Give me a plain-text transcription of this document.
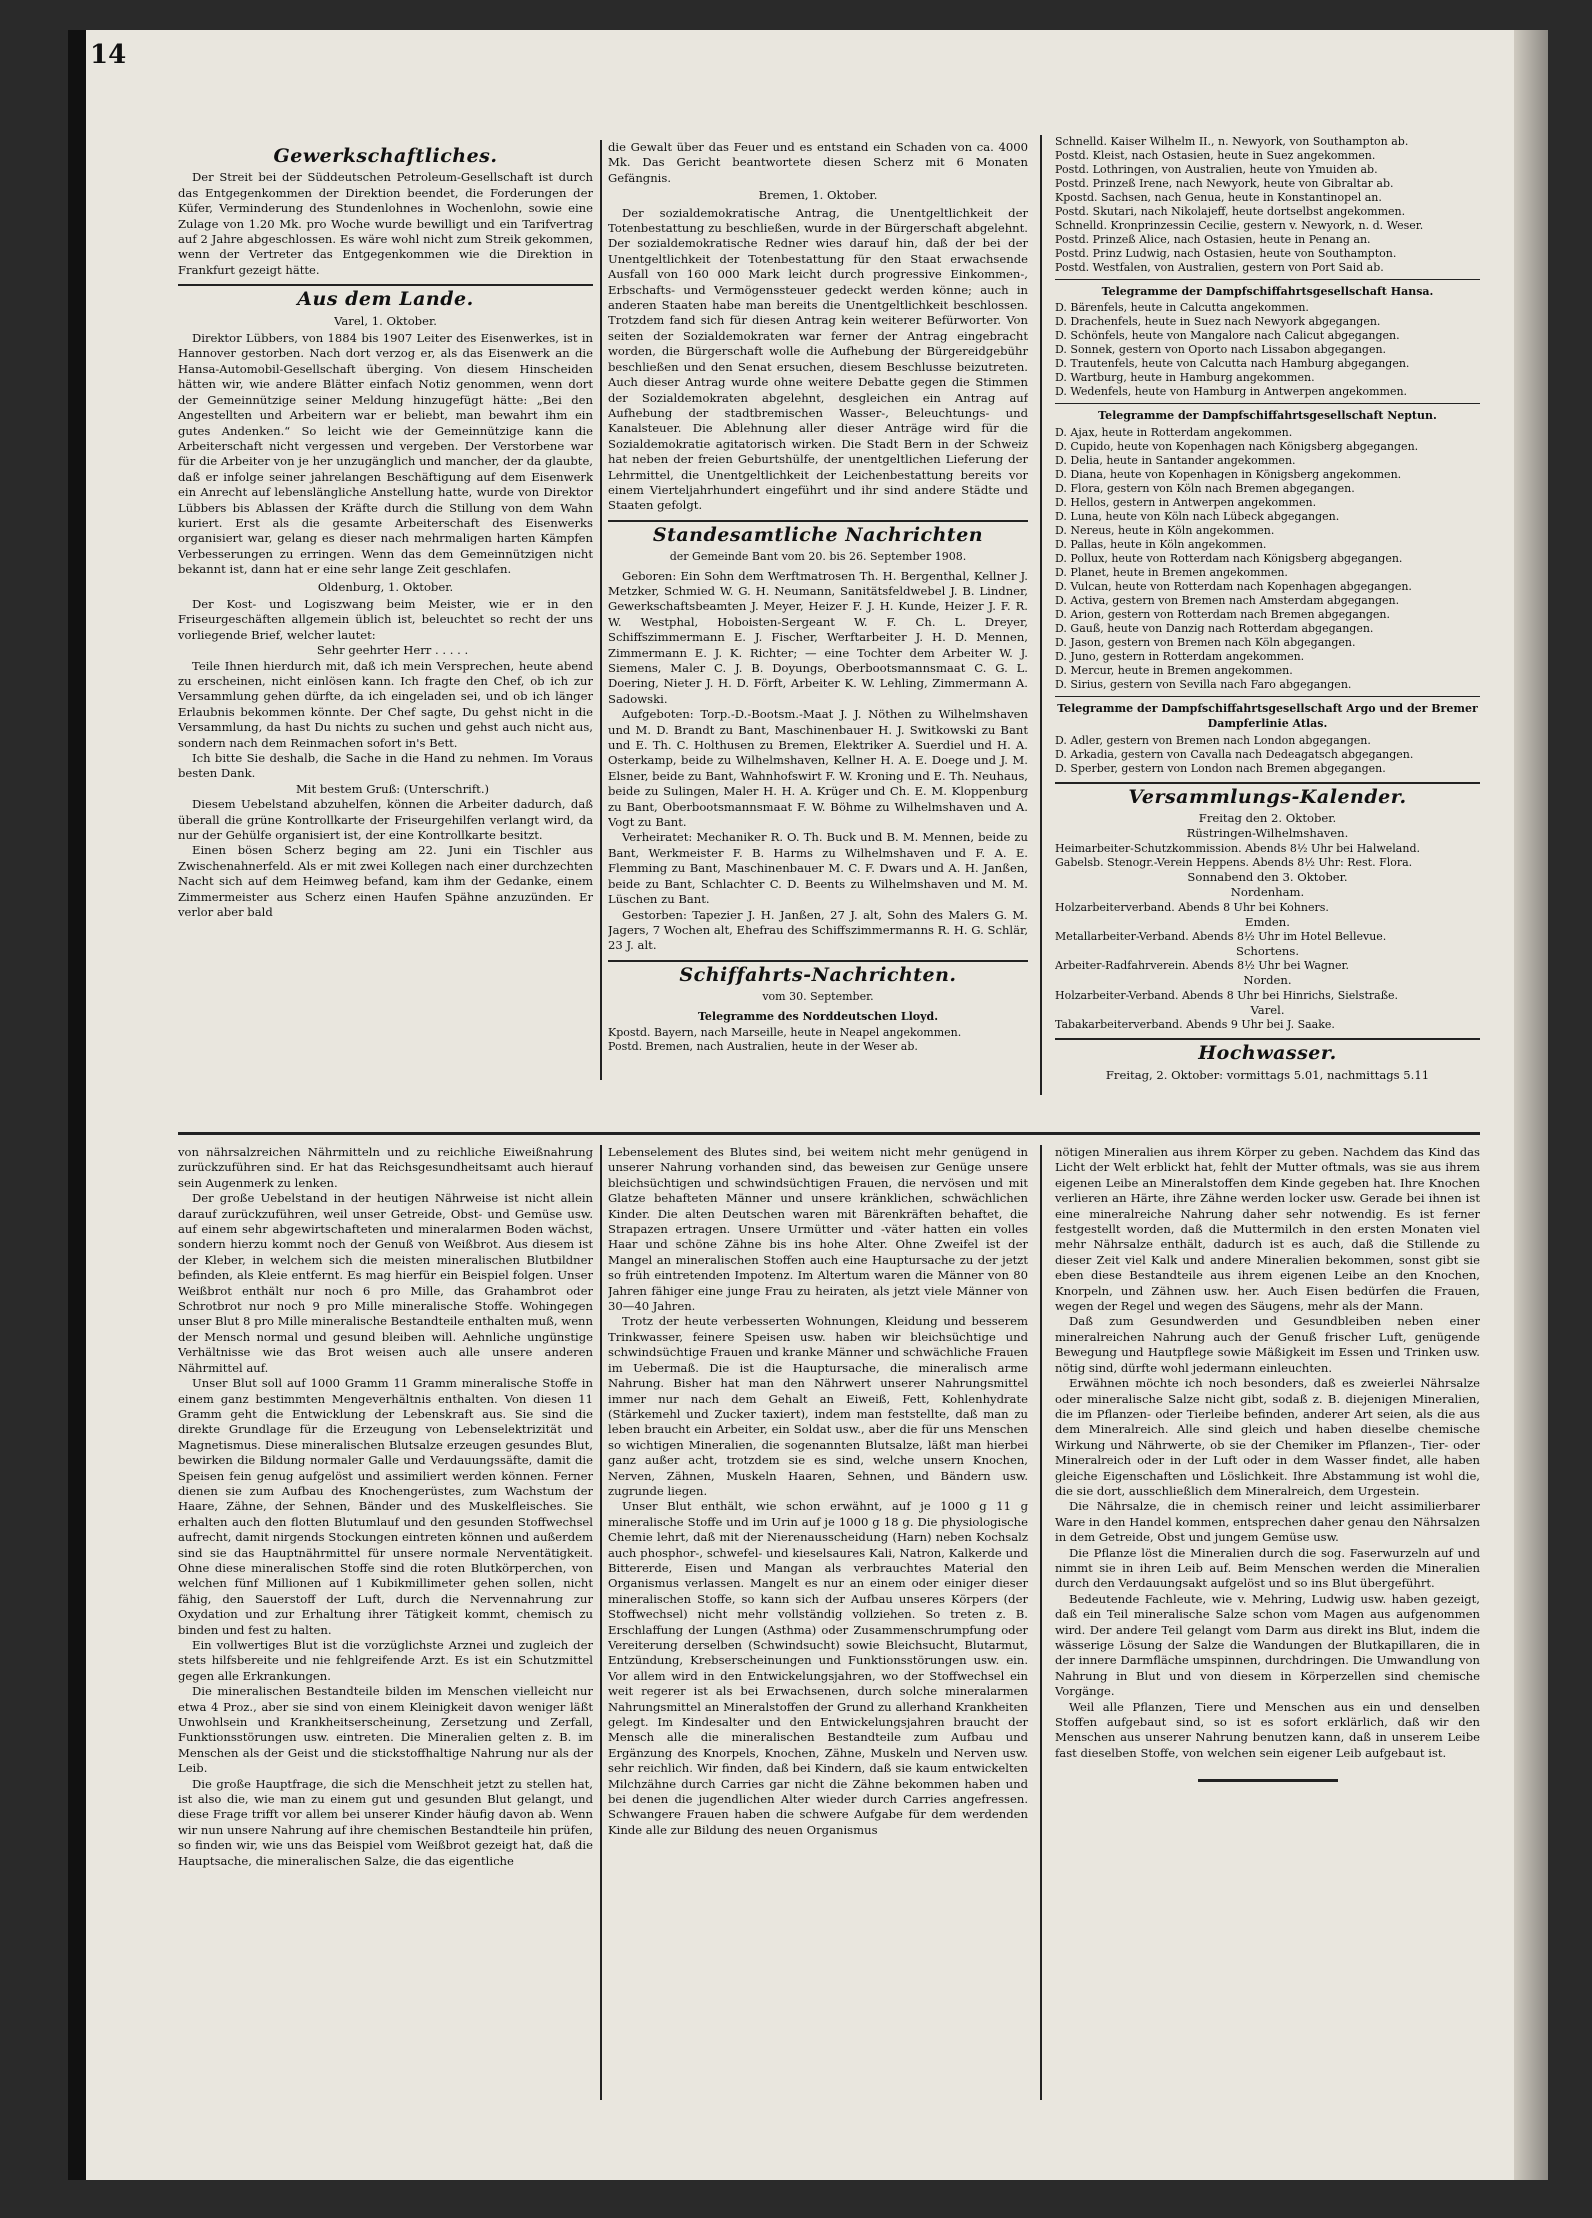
14
Gewerkschaftliches.

Der Streit bei der Süddeutschen Petroleum-Gesellschaft ist durch das Entgegenkommen der Direktion beendet, die Forderungen der Küfer, Verminderung des Stundenlohnes in Wochenlohn, sowie eine Zulage von 1.20 Mk. pro Woche wurde bewilligt und ein Tarifvertrag auf 2 Jahre abgeschlossen. Es wäre wohl nicht zum Streik gekommen, wenn der Vertreter das Entgegenkommen wie die Direktion in Frankfurt gezeigt hätte.

Aus dem Lande.
Varel, 1. Oktober.

Direktor Lübbers, von 1884 bis 1907 Leiter des Eisenwerkes, ist in Hannover gestorben. Nach dort verzog er, als das Eisenwerk an die Hansa-Automobil-Gesellschaft überging. Von diesem Hinscheiden hätten wir, wie andere Blätter einfach Notiz genommen, wenn dort der Gemeinnützige seiner Meldung hinzugefügt hätte: „Bei den Angestellten und Arbeitern war er beliebt, man bewahrt ihm ein gutes Andenken.“ So leicht wie der Gemeinnützige kann die Arbeiterschaft nicht vergessen und vergeben. Der Verstorbene war für die Arbeiter von je her unzugänglich und mancher, der da glaubte, daß er infolge seiner jahrelangen Beschäftigung auf dem Eisenwerk ein Anrecht auf lebenslängliche Anstellung hatte, wurde von Direktor Lübbers bis Ablassen der Kräfte durch die Stillung von dem Wahn kuriert. Erst als die gesamte Arbeiterschaft des Eisenwerks organisiert war, gelang es dieser nach mehrmaligen harten Kämpfen Verbesserungen zu erringen. Wenn das dem Gemeinnützigen nicht bekannt ist, dann hat er eine sehr lange Zeit geschlafen.

Oldenburg, 1. Oktober.

Der Kost- und Logiszwang beim Meister, wie er in den Friseurgeschäften allgemein üblich ist, beleuchtet so recht der uns vorliegende Brief, welcher lautet:

Sehr geehrter Herr . . . . .

Teile Ihnen hierdurch mit, daß ich mein Versprechen, heute abend zu erscheinen, nicht einlösen kann. Ich fragte den Chef, ob ich zur Versammlung gehen dürfte, da ich eingeladen sei, und ob ich länger Erlaubnis bekommen könnte. Der Chef sagte, Du gehst nicht in die Versammlung, da hast Du nichts zu suchen und gehst auch nicht aus, sondern nach dem Reinmachen sofort in's Bett.

Ich bitte Sie deshalb, die Sache in die Hand zu nehmen. Im Voraus besten Dank.

Mit bestem Gruß: (Unterschrift.)

Diesem Uebelstand abzuhelfen, können die Arbeiter dadurch, daß überall die grüne Kontrollkarte der Friseurgehilfen verlangt wird, da nur der Gehülfe organisiert ist, der eine Kontrollkarte besitzt.

Einen bösen Scherz beging am 22. Juni ein Tischler aus Zwischenahnerfeld. Als er mit zwei Kollegen nach einer durchzechten Nacht sich auf dem Heimweg befand, kam ihm der Gedanke, einem Zimmermeister aus Scherz einen Haufen Spähne anzuzünden. Er verlor aber bald

die Gewalt über das Feuer und es entstand ein Schaden von ca. 4000 Mk. Das Gericht beantwortete diesen Scherz mit 6 Monaten Gefängnis.

Bremen, 1. Oktober.

Der sozialdemokratische Antrag, die Unentgeltlichkeit der Totenbestattung zu beschließen, wurde in der Bürgerschaft abgelehnt. Der sozialdemokratische Redner wies darauf hin, daß der bei der Unentgeltlichkeit der Totenbestattung für den Staat erwachsende Ausfall von 160 000 Mark leicht durch progressive Einkommen-, Erbschafts- und Vermögenssteuer gedeckt werden könne; auch in anderen Staaten habe man bereits die Unentgeltlichkeit beschlossen. Trotzdem fand sich für diesen Antrag kein weiterer Befürworter. Von seiten der Sozialdemokraten war ferner der Antrag eingebracht worden, die Bürgerschaft wolle die Aufhebung der Bürgereidgebühr beschließen und den Senat ersuchen, diesem Beschlusse beizutreten. Auch dieser Antrag wurde ohne weitere Debatte gegen die Stimmen der Sozialdemokraten abgelehnt, desgleichen ein Antrag auf Aufhebung der stadtbremischen Wasser-, Beleuchtungs- und Kanalsteuer. Die Ablehnung aller dieser Anträge wird für die Sozialdemokratie agitatorisch wirken. Die Stadt Bern in der Schweiz hat neben der freien Geburtshülfe, der unentgeltlichen Lieferung der Lehrmittel, die Unentgeltlichkeit der Leichenbestattung bereits vor einem Vierteljahrhundert eingeführt und ihr sind andere Städte und Staaten gefolgt.

Standesamtliche Nachrichten
der Gemeinde Bant vom 20. bis 26. September 1908.

Geboren: Ein Sohn dem Werftmatrosen Th. H. Bergenthal, Kellner J. Metzker, Schmied W. G. H. Neumann, Sanitätsfeldwebel J. B. Lindner, Gewerkschaftsbeamten J. Meyer, Heizer F. J. H. Kunde, Heizer J. F. R. W. Westphal, Hoboisten-Sergeant W. F. Ch. L. Dreyer, Schiffszimmermann E. J. Fischer, Werftarbeiter J. H. D. Mennen, Zimmermann E. J. K. Richter; — eine Tochter dem Arbeiter W. J. Siemens, Maler C. J. B. Doyungs, Oberbootsmannsmaat C. G. L. Doering, Nieter J. H. D. Förft, Arbeiter K. W. Lehling, Zimmermann A. Sadowski.

Aufgeboten: Torp.-D.-Bootsm.-Maat J. J. Nöthen zu Wilhelmshaven und M. D. Brandt zu Bant, Maschinenbauer H. J. Switkowski zu Bant und E. Th. C. Holthusen zu Bremen, Elektriker A. Suerdiel und H. A. Osterkamp, beide zu Wilhelmshaven, Kellner H. A. E. Doege und J. M. Elsner, beide zu Bant, Wahnhofswirt F. W. Kroning und E. Th. Neuhaus, beide zu Sulingen, Maler H. H. A. Krüger und Ch. E. M. Kloppenburg zu Bant, Oberbootsmannsmaat F. W. Böhme zu Wilhelmshaven und A. Vogt zu Bant.

Verheiratet: Mechaniker R. O. Th. Buck und B. M. Mennen, beide zu Bant, Werkmeister F. B. Harms zu Wilhelmshaven und F. A. E. Flemming zu Bant, Maschinenbauer M. C. F. Dwars und A. H. Janßen, beide zu Bant, Schlachter C. D. Beents zu Wilhelmshaven und M. M. Lüschen zu Bant.

Gestorben: Tapezier J. H. Janßen, 27 J. alt, Sohn des Malers G. M. Jagers, 7 Wochen alt, Ehefrau des Schiffszimmermanns R. H. G. Schlär, 23 J. alt.

Schiffahrts-Nachrichten.
vom 30. September.
Telegramme des Norddeutschen Lloyd.
Kpostd. Bayern, nach Marseille, heute in Neapel angekommen.
Postd. Bremen, nach Australien, heute in der Weser ab.
Schnelld. Kaiser Wilhelm II., n. Newyork, von Southampton ab.
Postd. Kleist, nach Ostasien, heute in Suez angekommen.
Postd. Lothringen, von Australien, heute von Ymuiden ab.
Postd. Prinzeß Irene, nach Newyork, heute von Gibraltar ab.
Kpostd. Sachsen, nach Genua, heute in Konstantinopel an.
Postd. Skutari, nach Nikolajeff, heute dortselbst angekommen.
Schnelld. Kronprinzessin Cecilie, gestern v. Newyork, n. d. Weser.
Postd. Prinzeß Alice, nach Ostasien, heute in Penang an.
Postd. Prinz Ludwig, nach Ostasien, heute von Southampton.
Postd. Westfalen, von Australien, gestern von Port Said ab.
Telegramme der Dampfschiffahrtsgesellschaft Hansa.
D. Bärenfels, heute in Calcutta angekommen.
D. Drachenfels, heute in Suez nach Newyork abgegangen.
D. Schönfels, heute von Mangalore nach Calicut abgegangen.
D. Sonnek, gestern von Oporto nach Lissabon abgegangen.
D. Trautenfels, heute von Calcutta nach Hamburg abgegangen.
D. Wartburg, heute in Hamburg angekommen.
D. Wedenfels, heute von Hamburg in Antwerpen angekommen.
Telegramme der Dampfschiffahrtsgesellschaft Neptun.
D. Ajax, heute in Rotterdam angekommen.
D. Cupido, heute von Kopenhagen nach Königsberg abgegangen.
D. Delia, heute in Santander angekommen.
D. Diana, heute von Kopenhagen in Königsberg angekommen.
D. Flora, gestern von Köln nach Bremen abgegangen.
D. Hellos, gestern in Antwerpen angekommen.
D. Luna, heute von Köln nach Lübeck abgegangen.
D. Nereus, heute in Köln angekommen.
D. Pallas, heute in Köln angekommen.
D. Pollux, heute von Rotterdam nach Königsberg abgegangen.
D. Planet, heute in Bremen angekommen.
D. Vulcan, heute von Rotterdam nach Kopenhagen abgegangen.
D. Activa, gestern von Bremen nach Amsterdam abgegangen.
D. Arion, gestern von Rotterdam nach Bremen abgegangen.
D. Gauß, heute von Danzig nach Rotterdam abgegangen.
D. Jason, gestern von Bremen nach Köln abgegangen.
D. Juno, gestern in Rotterdam angekommen.
D. Mercur, heute in Bremen angekommen.
D. Sirius, gestern von Sevilla nach Faro abgegangen.
Telegramme der Dampfschiffahrtsgesellschaft Argo und der Bremer Dampferlinie Atlas.
D. Adler, gestern von Bremen nach London abgegangen.
D. Arkadia, gestern von Cavalla nach Dedeagatsch abgegangen.
D. Sperber, gestern von London nach Bremen abgegangen.
Versammlungs-Kalender.
Freitag den 2. Oktober.
Rüstringen-Wilhelmshaven.
Heimarbeiter-Schutzkommission. Abends 8½ Uhr bei Halweland.
Gabelsb. Stenogr.-Verein Heppens. Abends 8½ Uhr: Rest. Flora.
Sonnabend den 3. Oktober.
Nordenham.
Holzarbeiterverband. Abends 8 Uhr bei Kohners.
Emden.
Metallarbeiter-Verband. Abends 8½ Uhr im Hotel Bellevue.
Schortens.
Arbeiter-Radfahrverein. Abends 8½ Uhr bei Wagner.
Norden.
Holzarbeiter-Verband. Abends 8 Uhr bei Hinrichs, Sielstraße.
Varel.
Tabakarbeiterverband. Abends 9 Uhr bei J. Saake.
Hochwasser.
Freitag, 2. Oktober: vormittags 5.01, nachmittags 5.11

von nährsalzreichen Nährmitteln und zu reichliche Eiweißnahrung zurückzuführen sind. Er hat das Reichsgesundheitsamt auch hierauf sein Augenmerk zu lenken.

Der große Uebelstand in der heutigen Nährweise ist nicht allein darauf zurückzuführen, weil unser Getreide, Obst- und Gemüse usw. auf einem sehr abgewirtschafteten und mineralarmen Boden wächst, sondern hierzu kommt noch der Genuß von Weißbrot. Aus diesem ist der Kleber, in welchem sich die meisten mineralischen Blutbildner befinden, als Kleie entfernt. Es mag hierfür ein Beispiel folgen. Unser Weißbrot enthält nur noch 6 pro Mille, das Grahambrot oder Schrotbrot nur noch 9 pro Mille mineralische Stoffe. Wohingegen unser Blut 8 pro Mille mineralische Bestandteile enthalten muß, wenn der Mensch normal und gesund bleiben will. Aehnliche ungünstige Verhältnisse wie das Brot weisen auch alle unsere anderen Nährmittel auf.

Unser Blut soll auf 1000 Gramm 11 Gramm mineralische Stoffe in einem ganz bestimmten Mengeverhältnis enthalten. Von diesen 11 Gramm geht die Entwicklung der Lebenskraft aus. Sie sind die direkte Grundlage für die Erzeugung von Lebenselektrizität und Magnetismus. Diese mineralischen Blutsalze erzeugen gesundes Blut, bewirken die Bildung normaler Galle und Verdauungssäfte, damit die Speisen fein genug aufgelöst und assimiliert werden können. Ferner dienen sie zum Aufbau des Knochengerüstes, zum Wachstum der Haare, Zähne, der Sehnen, Bänder und des Muskelfleisches. Sie erhalten auch den flotten Blutumlauf und den gesunden Stoffwechsel aufrecht, damit nirgends Stockungen eintreten können und außerdem sind sie das Hauptnährmittel für unsere normale Nerventätigkeit. Ohne diese mineralischen Stoffe sind die roten Blutkörperchen, von welchen fünf Millionen auf 1 Kubikmillimeter gehen sollen, nicht fähig, den Sauerstoff der Luft, durch die Nervennahrung zur Oxydation und zur Erhaltung ihrer Tätigkeit kommt, chemisch zu binden und fest zu halten.

Ein vollwertiges Blut ist die vorzüglichste Arznei und zugleich der stets hilfsbereite und nie fehlgreifende Arzt. Es ist ein Schutzmittel gegen alle Erkrankungen.

Die mineralischen Bestandteile bilden im Menschen vielleicht nur etwa 4 Proz., aber sie sind von einem Kleinigkeit davon weniger läßt Unwohlsein und Krankheitserscheinung, Zersetzung und Zerfall, Funktionsstörungen usw. eintreten. Die Mineralien gelten z. B. im Menschen als der Geist und die stickstoffhaltige Nahrung nur als der Leib.

Die große Hauptfrage, die sich die Menschheit jetzt zu stellen hat, ist also die, wie man zu einem gut und gesunden Blut gelangt, und diese Frage trifft vor allem bei unserer Kinder häufig davon ab. Wenn wir nun unsere Nahrung auf ihre chemischen Bestandteile hin prüfen, so finden wir, wie uns das Beispiel vom Weißbrot gezeigt hat, daß die Hauptsache, die mineralischen Salze, die das eigentliche

Lebenselement des Blutes sind, bei weitem nicht mehr genügend in unserer Nahrung vorhanden sind, das beweisen zur Genüge unsere bleichsüchtigen und schwindsüchtigen Frauen, die nervösen und mit Glatze behafteten Männer und unsere kränklichen, schwächlichen Kinder. Die alten Deutschen waren mit Bärenkräften behaftet, die Strapazen ertragen. Unsere Urmütter und -väter hatten ein volles Haar und schöne Zähne bis ins hohe Alter. Ohne Zweifel ist der Mangel an mineralischen Stoffen auch eine Hauptursache zu der jetzt so früh eintretenden Impotenz. Im Altertum waren die Männer von 80 Jahren fähiger eine junge Frau zu heiraten, als jetzt viele Männer von 30—40 Jahren.

Trotz der heute verbesserten Wohnungen, Kleidung und besserem Trinkwasser, feinere Speisen usw. haben wir bleichsüchtige und schwindsüchtige Frauen und kranke Männer und schwächliche Frauen im Uebermaß. Die ist die Hauptursache, die mineralisch arme Nahrung. Bisher hat man den Nährwert unserer Nahrungsmittel immer nur nach dem Gehalt an Eiweiß, Fett, Kohlenhydrate (Stärkemehl und Zucker taxiert), indem man feststellte, daß man zu leben braucht ein Arbeiter, ein Soldat usw., aber die für uns Menschen so wichtigen Mineralien, die sogenannten Blutsalze, läßt man hierbei ganz außer acht, trotzdem sie es sind, welche unsern Knochen, Nerven, Zähnen, Muskeln Haaren, Sehnen, und Bändern usw. zugrunde liegen.

Unser Blut enthält, wie schon erwähnt, auf je 1000 g 11 g mineralische Stoffe und im Urin auf je 1000 g 18 g. Die physiologische Chemie lehrt, daß mit der Nierenausscheidung (Harn) neben Kochsalz auch phosphor-, schwefel- und kieselsaures Kali, Natron, Kalkerde und Bittererde, Eisen und Mangan als verbrauchtes Material den Organismus verlassen. Mangelt es nur an einem oder einiger dieser mineralischen Stoffe, so kann sich der Aufbau unseres Körpers (der Stoffwechsel) nicht mehr vollständig vollziehen. So treten z. B. Erschlaffung der Lungen (Asthma) oder Zusammenschrumpfung oder Vereiterung derselben (Schwindsucht) sowie Bleichsucht, Blutarmut, Entzündung, Krebserscheinungen und Funktionsstörungen usw. ein. Vor allem wird in den Entwickelungsjahren, wo der Stoffwechsel ein weit regerer ist als bei Erwachsenen, durch solche mineralarmen Nahrungsmittel an Mineralstoffen der Grund zu allerhand Krankheiten gelegt. Im Kindesalter und den Entwickelungsjahren braucht der Mensch alle die mineralischen Bestandteile zum Aufbau und Ergänzung des Knorpels, Knochen, Zähne, Muskeln und Nerven usw. sehr reichlich. Wir finden, daß bei Kindern, daß sie kaum entwickelten Milchzähne durch Carries gar nicht die Zähne bekommen haben und bei denen die jugendlichen Alter wieder durch Carries angefressen. Schwangere Frauen haben die schwere Aufgabe für dem werdenden Kinde alle zur Bildung des neuen Organismus

nötigen Mineralien aus ihrem Körper zu geben. Nachdem das Kind das Licht der Welt erblickt hat, fehlt der Mutter oftmals, was sie aus ihrem eigenen Leibe an Mineralstoffen dem Kinde gegeben hat. Ihre Knochen verlieren an Härte, ihre Zähne werden locker usw. Gerade bei ihnen ist eine mineralreiche Nahrung daher sehr notwendig. Es ist ferner festgestellt worden, daß die Muttermilch in den ersten Monaten viel mehr Nährsalze enthält, dadurch ist es auch, daß die Stillende zu dieser Zeit viel Kalk und andere Mineralien bekommen, sonst gibt sie eben diese Bestandteile aus ihrem eigenen Leibe an den Knochen, Knorpeln, und Zähnen usw. her. Auch Eisen bedürfen die Frauen, wegen der Regel und wegen des Säugens, mehr als der Mann.

Daß zum Gesundwerden und Gesundbleiben neben einer mineralreichen Nahrung auch der Genuß frischer Luft, genügende Bewegung und Hautpflege sowie Mäßigkeit im Essen und Trinken usw. nötig sind, dürfte wohl jedermann einleuchten.

Erwähnen möchte ich noch besonders, daß es zweierlei Nährsalze oder mineralische Salze nicht gibt, sodaß z. B. diejenigen Mineralien, die im Pflanzen- oder Tierleibe befinden, anderer Art seien, als die aus dem Mineralreich. Alle sind gleich und haben dieselbe chemische Wirkung und Nährwerte, ob sie der Chemiker im Pflanzen-, Tier- oder Mineralreich oder in der Luft oder in dem Wasser findet, alle haben gleiche Eigenschaften und Löslichkeit. Ihre Abstammung ist wohl die, die sie dort, ausschließlich dem Mineralreich, dem Urgestein.

Die Nährsalze, die in chemisch reiner und leicht assimilierbarer Ware in den Handel kommen, entsprechen daher genau den Nährsalzen in dem Getreide, Obst und jungem Gemüse usw.

Die Pflanze löst die Mineralien durch die sog. Faserwurzeln auf und nimmt sie in ihren Leib auf. Beim Menschen werden die Mineralien durch den Verdauungsakt aufgelöst und so ins Blut übergeführt.

Bedeutende Fachleute, wie v. Mehring, Ludwig usw. haben gezeigt, daß ein Teil mineralische Salze schon vom Magen aus aufgenommen wird. Der andere Teil gelangt vom Darm aus direkt ins Blut, indem die wässerige Lösung der Salze die Wandungen der Blutkapillaren, die in der innere Darmfläche umspinnen, durchdringen. Die Umwandlung von Nahrung in Blut und von diesem in Körperzellen sind chemische Vorgänge.

Weil alle Pflanzen, Tiere und Menschen aus ein und denselben Stoffen aufgebaut sind, so ist es sofort erklärlich, daß wir den Menschen aus unserer Nahrung benutzen kann, daß in unserem Leibe fast dieselben Stoffe, von welchen sein eigener Leib aufgebaut ist.
